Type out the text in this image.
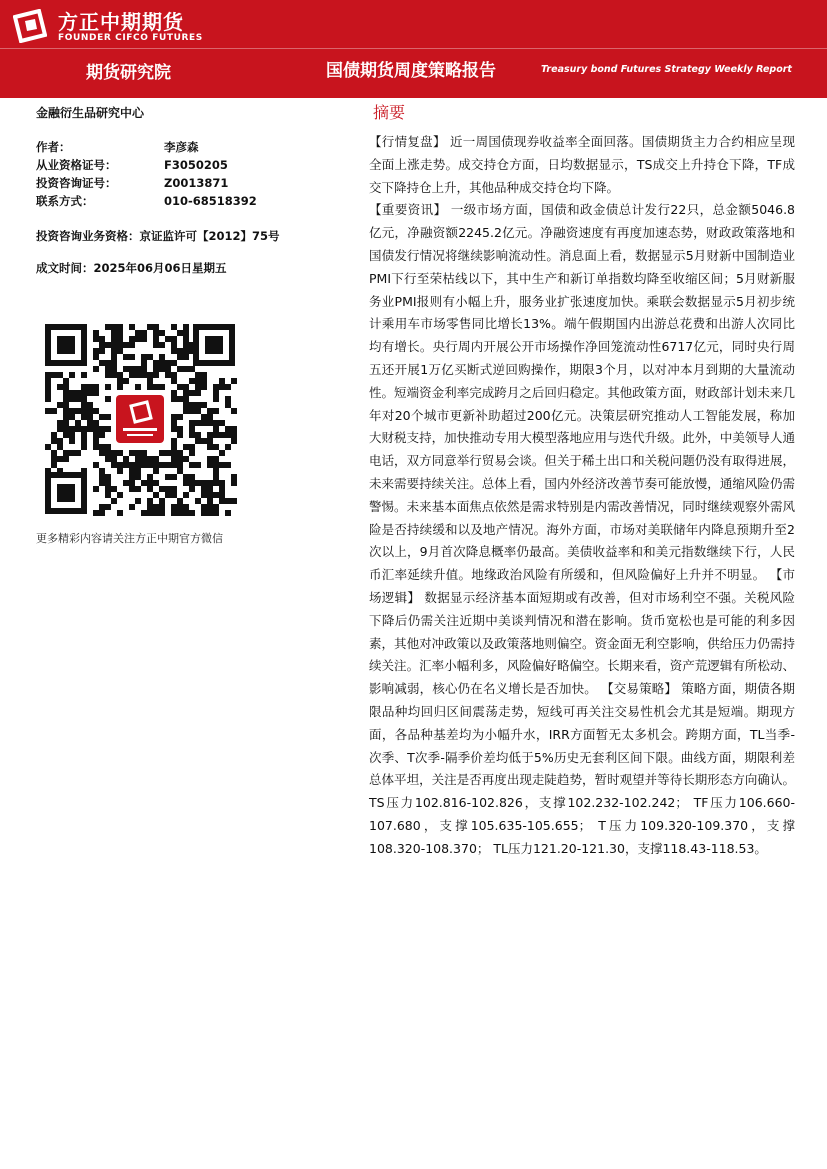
方正中期期货
FOUNDER CIFCO FUTURES
期货研究院	国债期货周度策略报告	Treasury bond Futures Strategy Weekly Report
金融衍生品研究中心
作者：	李彦森
从业资格证号：	F3050205
投资咨询证号：	Z0013871
联系方式：	010-68518392
投资咨询业务资格：京证监许可【2012】75号
成文时间：2025年06月06日星期五
更多精彩内容请关注方正中期官方微信
摘要

【行情复盘】 近一周国债现券收益率全面回落。国债期货主力合约相应呈现全面上涨走势。成交持仓方面，日均数据显示，TS成交上升持仓下降，TF成交下降持仓上升，其他品种成交持仓均下降。

【重要资讯】 一级市场方面，国债和政金债总计发行22只，总金额5046.8亿元，净融资额2245.2亿元。净融资速度有再度加速态势，财政政策落地和国债发行情况将继续影响流动性。消息面上看，数据显示5月财新中国制造业PMI下行至荣枯线以下，其中生产和新订单指数均降至收缩区间；5月财新服务业PMI报则有小幅上升，服务业扩张速度加快。乘联会数据显示5月初步统计乘用车市场零售同比增长13%。端午假期国内出游总花费和出游人次同比均有增长。央行周内开展公开市场操作净回笼流动性6717亿元，同时央行周五还开展1万亿买断式逆回购操作，期限3个月，以对冲本月到期的大量流动性。短端资金利率完成跨月之后回归稳定。其他政策方面，财政部计划未来几年对20个城市更新补助超过200亿元。决策层研究推动人工智能发展，称加大财税支持，加快推动专用大模型落地应用与迭代升级。此外，中美领导人通电话，双方同意举行贸易会谈。但关于稀土出口和关税问题仍没有取得进展，未来需要持续关注。总体上看，国内外经济改善节奏可能放慢，通缩风险仍需警惕。未来基本面焦点依然是需求特别是内需改善情况，同时继续观察外需风险是否持续缓和以及地产情况。海外方面，市场对美联储年内降息预期升至2次以上，9月首次降息概率仍最高。美债收益率和和美元指数继续下行，人民币汇率延续升值。地缘政治风险有所缓和，但风险偏好上升并不明显。 【市场逻辑】 数据显示经济基本面短期或有改善，但对市场利空不强。关税风险下降后仍需关注近期中美谈判情况和潜在影响。货币宽松也是可能的利多因素，其他对冲政策以及政策落地则偏空。资金面无利空影响，供给压力仍需持续关注。汇率小幅利多，风险偏好略偏空。长期来看，资产荒逻辑有所松动、影响减弱，核心仍在名义增长是否加快。 【交易策略】 策略方面，期债各期限品种均回归区间震荡走势，短线可再关注交易性机会尤其是短端。期现方面，各品种基差均为小幅升水，IRR方面暂无太多机会。跨期方面，TL当季-次季、T次季-隔季价差均低于5%历史无套利区间下限。曲线方面，期限利差总体平坦，关注是否再度出现走陡趋势，暂时观望并等待长期形态方向确认。TS压力102.816-102.826，支撑102.232-102.242； TF压力106.660-107.680，支撑105.635-105.655； T压力109.320-109.370，支撑108.320-108.370； TL压力121.20-121.30，支撑118.43-118.53。
